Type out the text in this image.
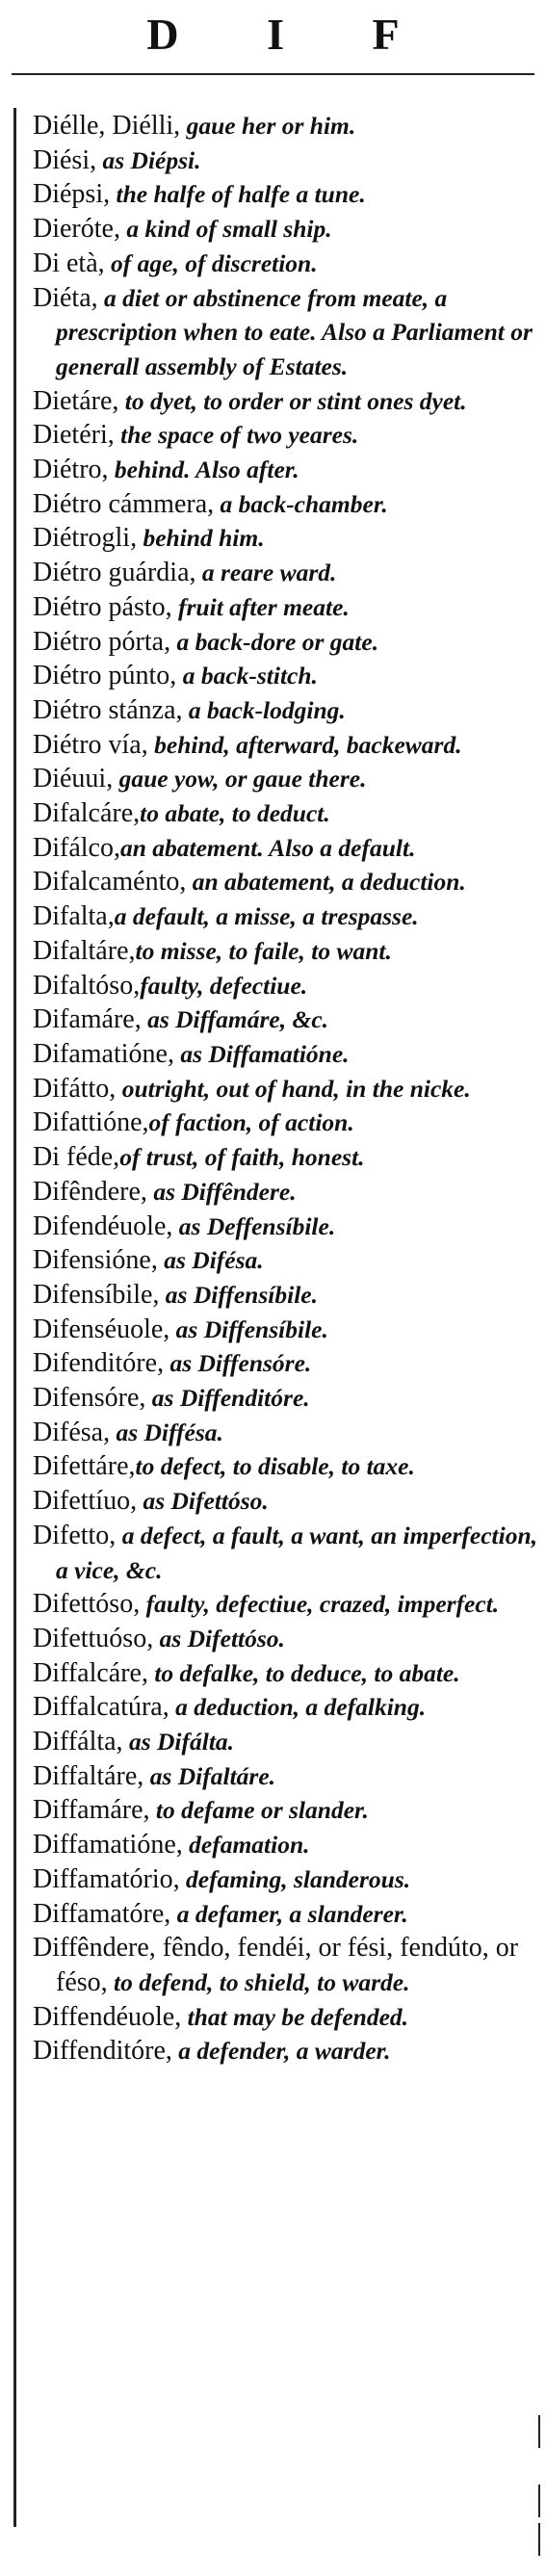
D I F

Diélle, Diélli, gaue her or him.

Diési, as Diépsi.

Diépsi, the halfe of halfe a tune.

Dieróte, a kind of small ship.

Di età, of age, of discretion.

Diéta, a diet or abstinence from meate, a prescription when to eate. Also a Parliament or generall assembly of Estates.

Dietáre, to dyet, to order or stint ones dyet.

Dietéri, the space of two yeares.

Diétro, behind. Also after.

Diétro cámmera, a back-chamber.

Diétrogli, behind him.

Diétro guárdia, a reare ward.

Diétro pásto, fruit after meate.

Diétro pórta, a back-dore or gate.

Diétro púnto, a back-stitch.

Diétro stánza, a back-lodging.

Diétro vía, behind, afterward, backeward.

Diéuui, gaue yow, or gaue there.

Difalcáre,to abate, to deduct.

Difálco,an abatement. Also a default.

Difalcaménto, an abatement, a deduction.

Difalta,a default, a misse, a trespasse.

Difaltáre,to misse, to faile, to want.

Difaltóso,faulty, defectiue.

Difamáre, as Diffamáre, &c.

Difamatióne, as Diffamatióne.

Difátto, outright, out of hand, in the nicke.

Difattióne,of faction, of action.

Di féde,of trust, of faith, honest.

Difêndere, as Diffêndere.

Difendéuole, as Deffensíbile.

Difensióne, as Difésa.

Difensíbile, as Diffensíbile.

Difenséuole, as Diffensíbile.

Difenditóre, as Diffensóre.

Difensóre, as Diffenditóre.

Difésa, as Diffésa.

Difettáre,to defect, to disable, to taxe.

Difettíuo, as Difettóso.

Difetto, a defect, a fault, a want, an imperfection, a vice, &c.

Difettóso, faulty, defectiue, crazed, imperfect.

Difettuóso, as Difettóso.

Diffalcáre, to defalke, to deduce, to abate.

Diffalcatúra, a deduction, a defalking.

Diffálta, as Difálta.

Diffaltáre, as Difaltáre.

Diffamáre, to defame or slander.

Diffamatióne, defamation.

Diffamatório, defaming, slanderous.

Diffamatóre, a defamer, a slanderer.

Diffêndere, fêndo, fendéi, or fési, fendúto, or féso, to defend, to shield, to warde.

Diffendéuole, that may be defended.

Diffenditóre, a defender, a warder.
